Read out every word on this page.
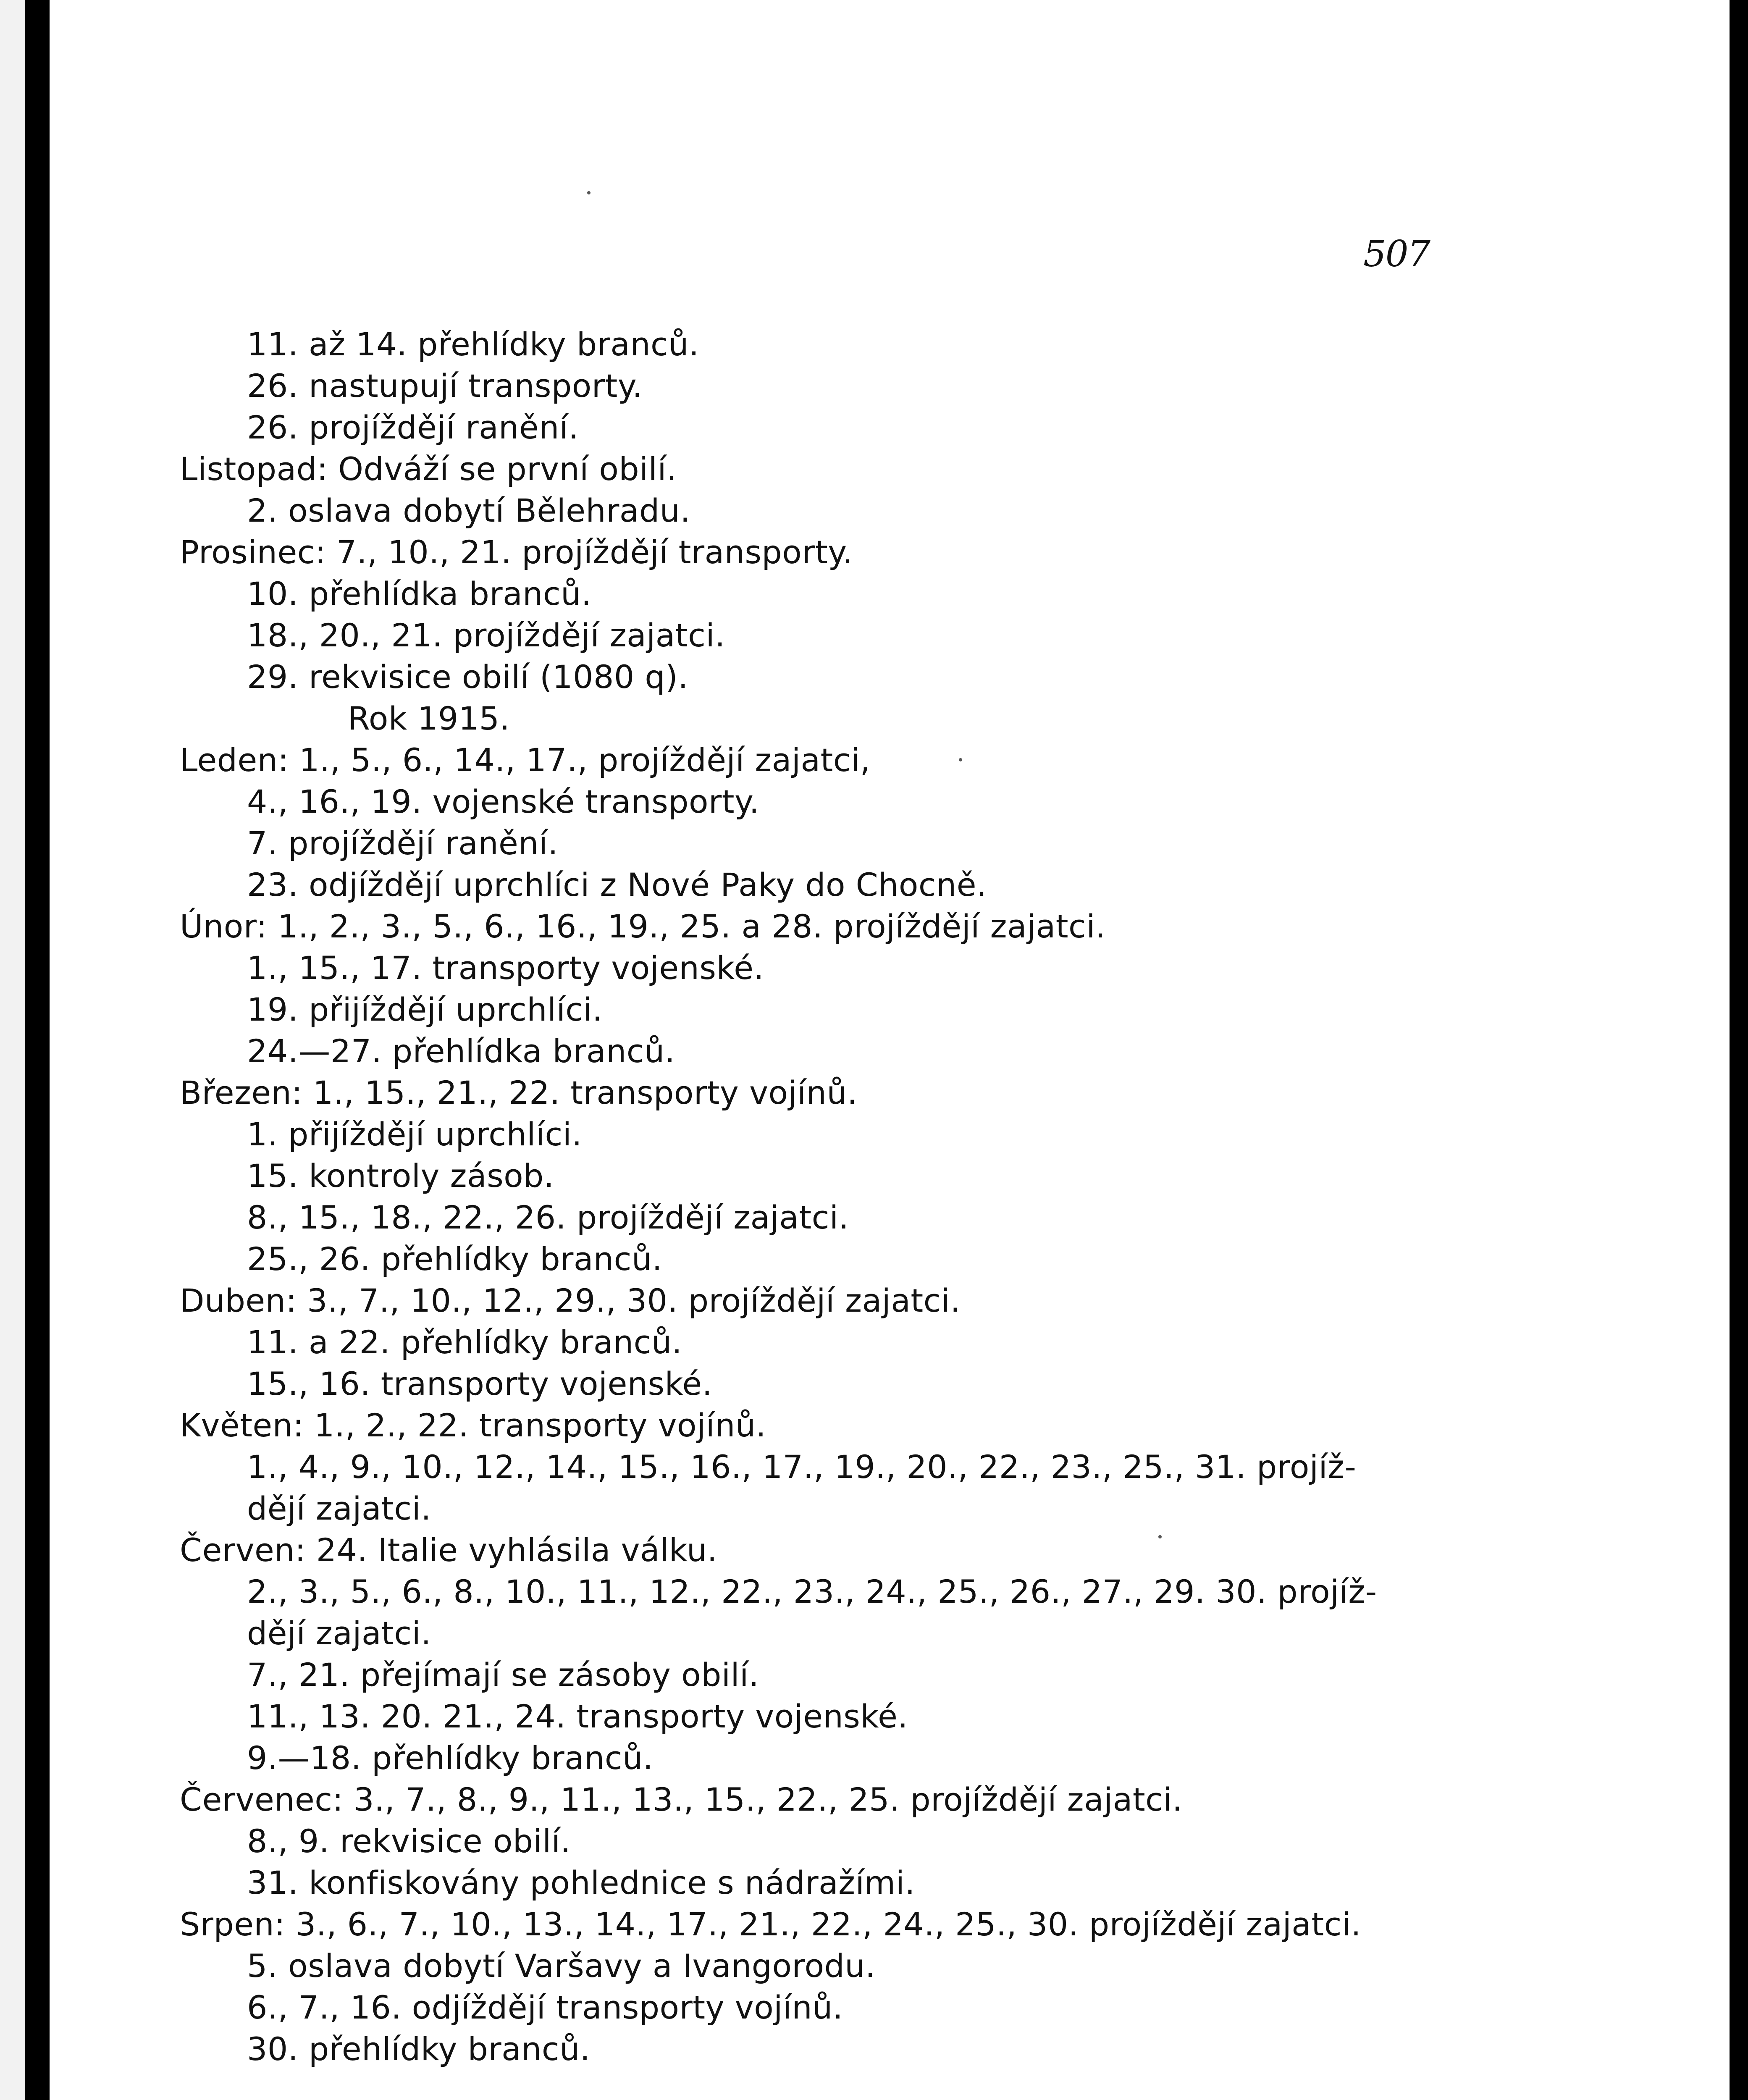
507
11. až 14. přehlídky branců.
26. nastupují transporty.
26. projíždějí ranění.
Listopad: Odváží se první obilí.
2. oslava dobytí Bělehradu.
Prosinec: 7., 10., 21. projíždějí transporty.
10. přehlídka branců.
18., 20., 21. projíždějí zajatci.
29. rekvisice obilí (1080 q).
Rok 1915.
Leden: 1., 5., 6., 14., 17., projíždějí zajatci,
4., 16., 19. vojenské transporty.
7. projíždějí ranění.
23. odjíždějí uprchlíci z Nové Paky do Chocně.
Únor: 1., 2., 3., 5., 6., 16., 19., 25. a 28. projíždějí zajatci.
1., 15., 17. transporty vojenské.
19. přijíždějí uprchlíci.
24.—27. přehlídka branců.
Březen: 1., 15., 21., 22. transporty vojínů.
1. přijíždějí uprchlíci.
15. kontroly zásob.
8., 15., 18., 22., 26. projíždějí zajatci.
25., 26. přehlídky branců.
Duben: 3., 7., 10., 12., 29., 30. projíždějí zajatci.
11. a 22. přehlídky branců.
15., 16. transporty vojenské.
Květen: 1., 2., 22. transporty vojínů.
1., 4., 9., 10., 12., 14., 15., 16., 17., 19., 20., 22., 23., 25., 31. projíž-
dějí zajatci.
Červen: 24. Italie vyhlásila válku.
2., 3., 5., 6., 8., 10., 11., 12., 22., 23., 24., 25., 26., 27., 29. 30. projíž-
dějí zajatci.
7., 21. přejímají se zásoby obilí.
11., 13. 20. 21., 24. transporty vojenské.
9.—18. přehlídky branců.
Červenec: 3., 7., 8., 9., 11., 13., 15., 22., 25. projíždějí zajatci.
8., 9. rekvisice obilí.
31. konfiskovány pohlednice s nádražími.
Srpen: 3., 6., 7., 10., 13., 14., 17., 21., 22., 24., 25., 30. projíždějí zajatci.
5. oslava dobytí Varšavy a Ivangorodu.
6., 7., 16. odjíždějí transporty vojínů.
30. přehlídky branců.
